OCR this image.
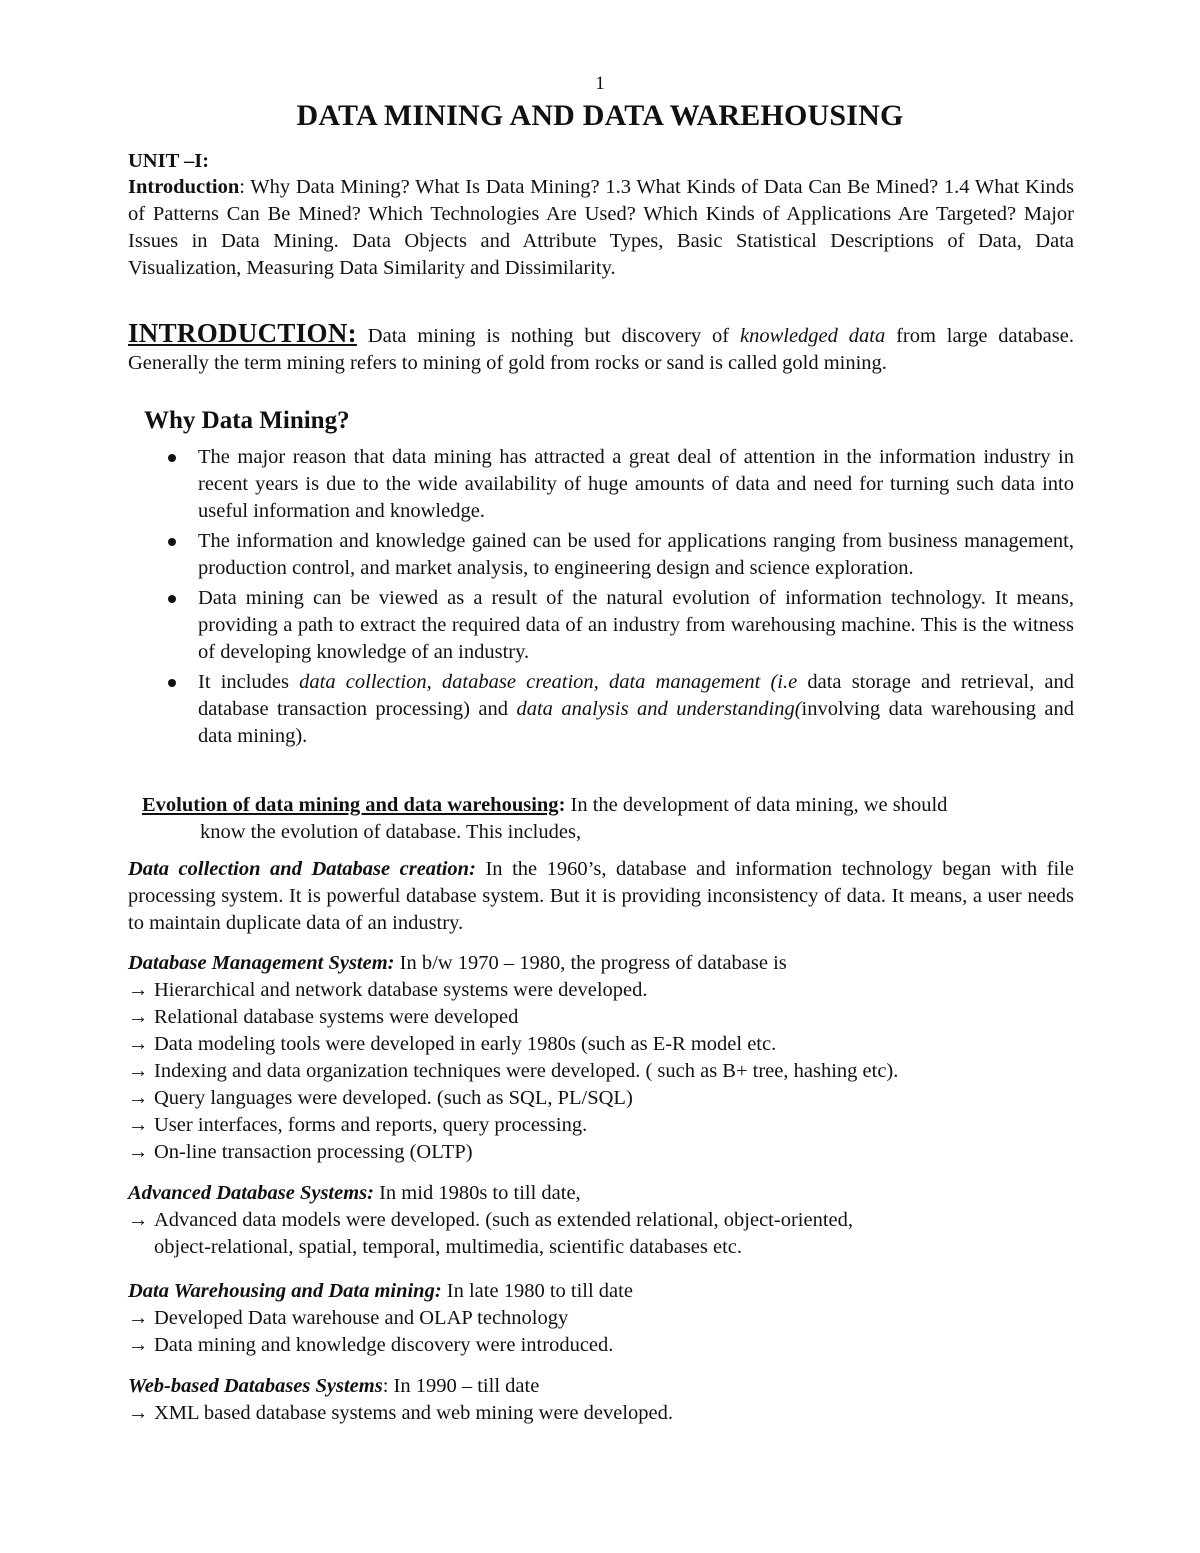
1
DATA MINING AND DATA WAREHOUSING
UNIT –I:

Introduction: Why Data Mining? What Is Data Mining? 1.3 What Kinds of Data Can Be Mined? 1.4 What Kinds of Patterns Can Be Mined? Which Technologies Are Used? Which Kinds of Applications Are Targeted? Major Issues in Data Mining. Data Objects and Attribute Types, Basic Statistical Descriptions of Data, Data Visualization, Measuring Data Similarity and Dissimilarity.

INTRODUCTION: Data mining is nothing but discovery of knowledged data from large database. Generally the term mining refers to mining of gold from rocks or sand is called gold mining.

Why Data Mining?
The major reason that data mining has attracted a great deal of attention in the information industry in recent years is due to the wide availability of huge amounts of data and need for turning such data into useful information and knowledge.
The information and knowledge gained can be used for applications ranging from business management, production control, and market analysis, to engineering design and science exploration.
Data mining can be viewed as a result of the natural evolution of information technology. It means, providing a path to extract the required data of an industry from warehousing machine. This is the witness of developing knowledge of an industry.
It includes data collection, database creation, data management (i.e data storage and retrieval, and database transaction processing) and data analysis and understanding(involving data warehousing and data mining).
Evolution of data mining and data warehousing: In the development of data mining, we should
know the evolution of database. This includes,

Data collection and Database creation: In the 1960’s, database and information technology began with file processing system. It is powerful database system. But it is providing inconsistency of data. It means, a user needs to maintain duplicate data of an industry.

Database Management System: In b/w 1970 – 1980, the progress of database is
→ Hierarchical and network database systems were developed.
→ Relational database systems were developed
→ Data modeling tools were developed in early 1980s (such as E-R model etc.
→ Indexing and data organization techniques were developed. ( such as B+ tree, hashing etc).
→ Query languages were developed. (such as SQL, PL/SQL)
→ User interfaces, forms and reports, query processing.
→ On-line transaction processing (OLTP)
Advanced Database Systems: In mid 1980s to till date,
→ Advanced data models were developed. (such as extended relational, object-oriented,
object-relational, spatial, temporal, multimedia, scientific databases etc.
Data Warehousing and Data mining: In late 1980 to till date
→ Developed Data warehouse and OLAP technology
→ Data mining and knowledge discovery were introduced.
Web-based Databases Systems: In 1990 – till date
→ XML based database systems and web mining were developed.
